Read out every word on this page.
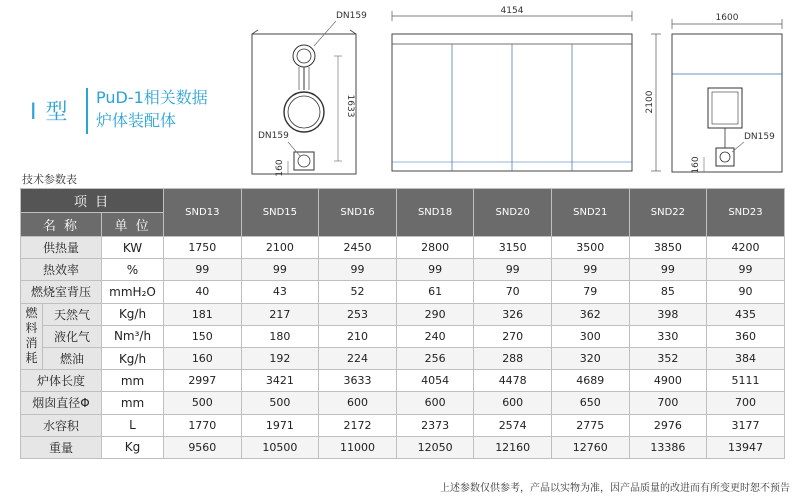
I 型
PuD-1相关数据
炉体装配体
1633
DN159
DN159
160
4154
2100
1600
DN159
160
技术参数表
项 目			SND13	SND15	SND16	SND18	SND20	SND21	SND22	SND23
名 称		单 位								
供热量		KW	1750	2100	2450	2800	3150	3500	3850	4200
热效率		%	99	99	99	99	99	99	99	99
燃烧室背压		mmH₂O	40	43	52	61	70	79	85	90

燃
料
消
耗	天然气	Kg/h	181	217	253	290	326	362	398	435
	液化气	Nm³/h	150	180	210	240	270	300	330	360
	燃油	Kg/h	160	192	224	256	288	320	352	384
炉体长度		mm	2997	3421	3633	4054	4478	4689	4900	5111
烟囱直径Φ		mm	500	500	600	600	600	650	700	700
水容积		L	1770	1971	2172	2373	2574	2775	2976	3177
重量		Kg	9560	10500	11000	12050	12160	12760	13386	13947
上述参数仅供参考，产品以实物为准，因产品质量的改进而有所变更时恕不预告
